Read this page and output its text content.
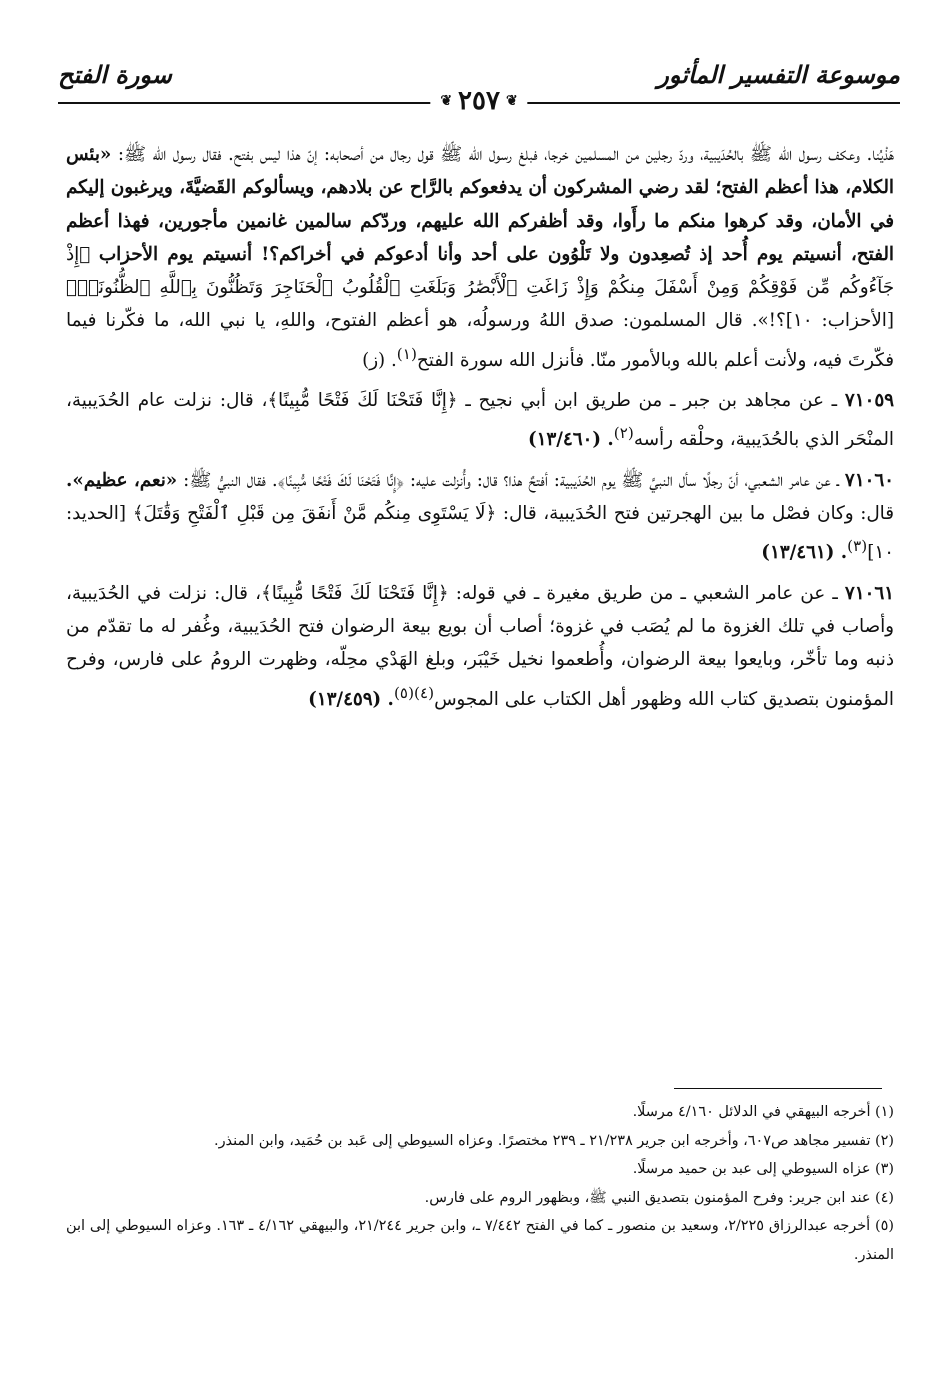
موسوعة التفسير المأثور
سورة الفتح
❦ ٢٥٧ ❦

هَذْيُنا. وعكف رسول الله ﷺ بالحُدَيبية، وردّ رجلين من المسلمين خرجا، فبلغ رسول الله ﷺ قول رجال من أصحابه: إنّ هذا ليس بفتح. فقال رسول الله ﷺ: «بئس الكلام، هذا أعظم الفتح؛ لقد رضي المشركون أن يدفعوكم بالرَّاح عن بلادهم، ويسألوكم القَضيَّةَ، ويرغبون إليكم في الأمان، وقد كرهوا منكم ما رأَوا، وقد أظفركم الله عليهم، وردّكم سالمين غانمين مأجورين، فهذا أعظم الفتح، أنسيتم يوم أُحد إذ تُصعِدون ولا تَلْوُون على أحد وأنا أدعوكم في أخراكم؟! أنسيتم يوم الأحزاب ﴿إِذْ جَآءُوكُم مِّن فَوْقِكُمْ وَمِنْ أَسْفَلَ مِنكُمْ وَإِذْ زَاغَتِ ٱلْأَبْصَٰرُ وَبَلَغَتِ ٱلْقُلُوبُ ٱلْحَنَاجِرَ وَتَظُنُّونَ بِٱللَّهِ ٱلظُّنُونَا۠﴾ [الأحزاب: ١٠]؟!». قال المسلمون: صدق اللهُ ورسولُه، هو أعظم الفتوح، واللهِ، يا نبي الله، ما فكّرنا فيما فكّرتَ فيه، ولأنت أعلم بالله وبالأمور منّا. فأنزل الله سورة الفتح$^{(١)}$. (ز)

٧١٠٥٩ ـ عن مجاهد بن جبر ـ من طريق ابن أبي نجيح ـ ﴿إِنَّا فَتَحْنَا لَكَ فَتْحًا مُّبِينًا﴾، قال: نزلت عام الحُدَيبية، المنْحَر الذي بالحُدَيبية، وحلْقه رأسه$^{(٢)}$. (١٣/٤٦٠)

٧١٠٦٠ ـ عن عامر الشعبي، أنّ رجلًا سأل النبيَّ ﷺ يوم الحُدَيبية: أفتحٌ هذا؟ قال: وأُنزلت عليه: ﴿إِنَّا فَتَحْنَا لَكَ فَتْحًا مُّبِينًا﴾. فقال النبيُّ ﷺ: «نعم، عظيم». قال: وكان فصْل ما بين الهجرتين فتح الحُدَيبية، قال: ﴿لَا يَسْتَوِى مِنكُم مَّنْ أَنفَقَ مِن قَبْلِ ٱلْفَتْحِ وَقَٰتَلَ﴾ [الحديد: ١٠]$^{(٣)}$. (١٣/٤٦١)

٧١٠٦١ ـ عن عامر الشعبي ـ من طريق مغيرة ـ في قوله: ﴿إِنَّا فَتَحْنَا لَكَ فَتْحًا مُّبِينًا﴾، قال: نزلت في الحُدَيبية، وأصاب في تلك الغزوة ما لم يُصَب في غزوة؛ أصاب أن بويع بيعة الرضوان فتح الحُدَيبية، وغُفر له ما تقدّم من ذنبه وما تأخّر، وبايعوا بيعة الرضوان، وأُطعموا نخيل خَيْبَر، وبلغ الهَدْي محِلّه، وظهرت الرومُ على فارس، وفرح المؤمنون بتصديق كتاب الله وظهور أهل الكتاب على المجوس$^{(٤)(٥)}$. (١٣/٤٥٩)

(١) أخرجه البيهقي في الدلائل ٤/١٦٠ مرسلًا.

(٢) تفسير مجاهد ص٦٠٧، وأخرجه ابن جرير ٢١/٢٣٨ ـ ٢٣٩ مختصرًا. وعزاه السيوطي إلى عَبد بن حُمَيد، وابن المنذر.

(٣) عزاه السيوطي إلى عبد بن حميد مرسلًا.

(٤) عند ابن جرير: وفرح المؤمنون بتصديق النبي ﷺ، وبظهور الروم على فارس.

(٥) أخرجه عبدالرزاق ٢/٢٢٥، وسعيد بن منصور ـ كما في الفتح ٧/٤٤٢ ـ، وابن جرير ٢١/٢٤٤، والبيهقي ٤/١٦٢ ـ ١٦٣. وعزاه السيوطي إلى ابن المنذر.
